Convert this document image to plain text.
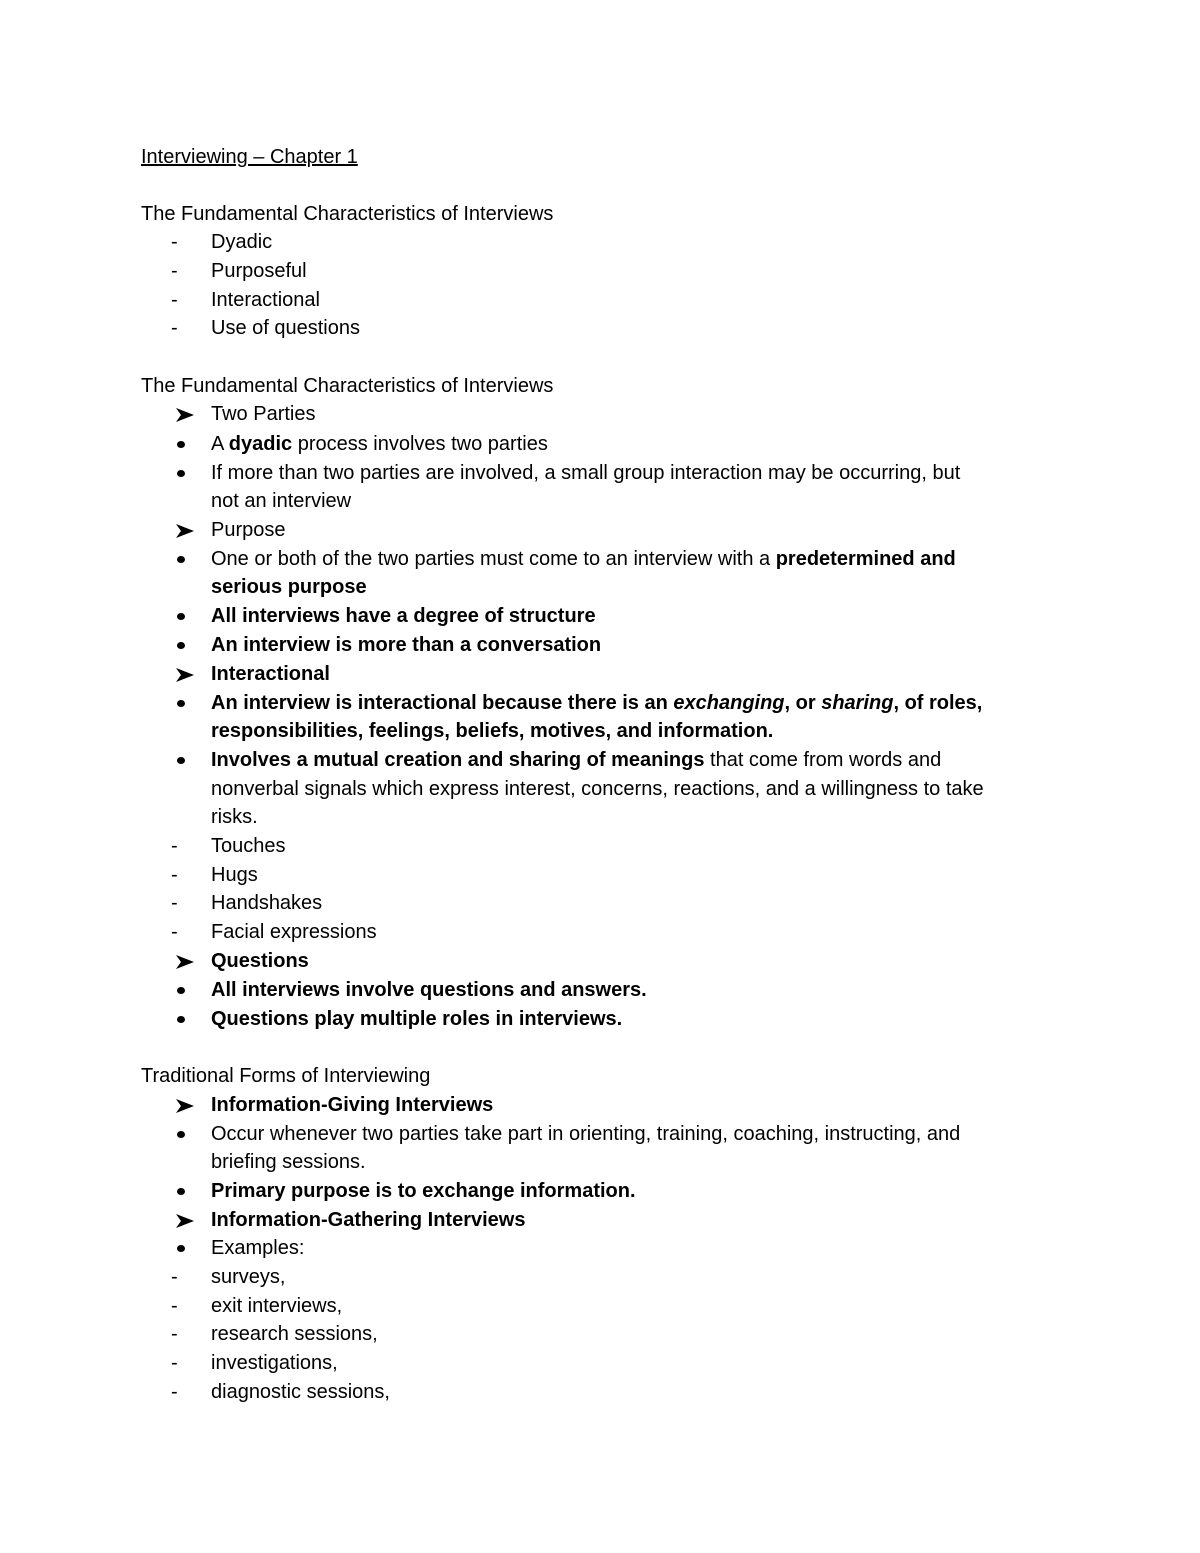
Interviewing – Chapter 1
The Fundamental Characteristics of Interviews
-	Dyadic
-	Purposeful
-	Interactional
-	Use of questions
The Fundamental Characteristics of Interviews
Two Parties
A dyadic process involves two parties
If more than two parties are involved, a small group interaction may be occurring, but
not an interview
Purpose
One or both of the two parties must come to an interview with a predetermined and
serious purpose
All interviews have a degree of structure
An interview is more than a conversation
Interactional
An interview is interactional because there is an exchanging, or sharing, of roles,
responsibilities, feelings, beliefs, motives, and information.
Involves a mutual creation and sharing of meanings that come from words and
nonverbal signals which express interest, concerns, reactions, and a willingness to take
risks.
-	Touches
-	Hugs
-	Handshakes
-	Facial expressions
Questions
All interviews involve questions and answers.
Questions play multiple roles in interviews.
Traditional Forms of Interviewing
Information-Giving Interviews
Occur whenever two parties take part in orienting, training, coaching, instructing, and
briefing sessions.
Primary purpose is to exchange information.
Information-Gathering Interviews
Examples:
-	surveys,
-	exit interviews,
-	research sessions,
-	investigations,
-	diagnostic sessions,
